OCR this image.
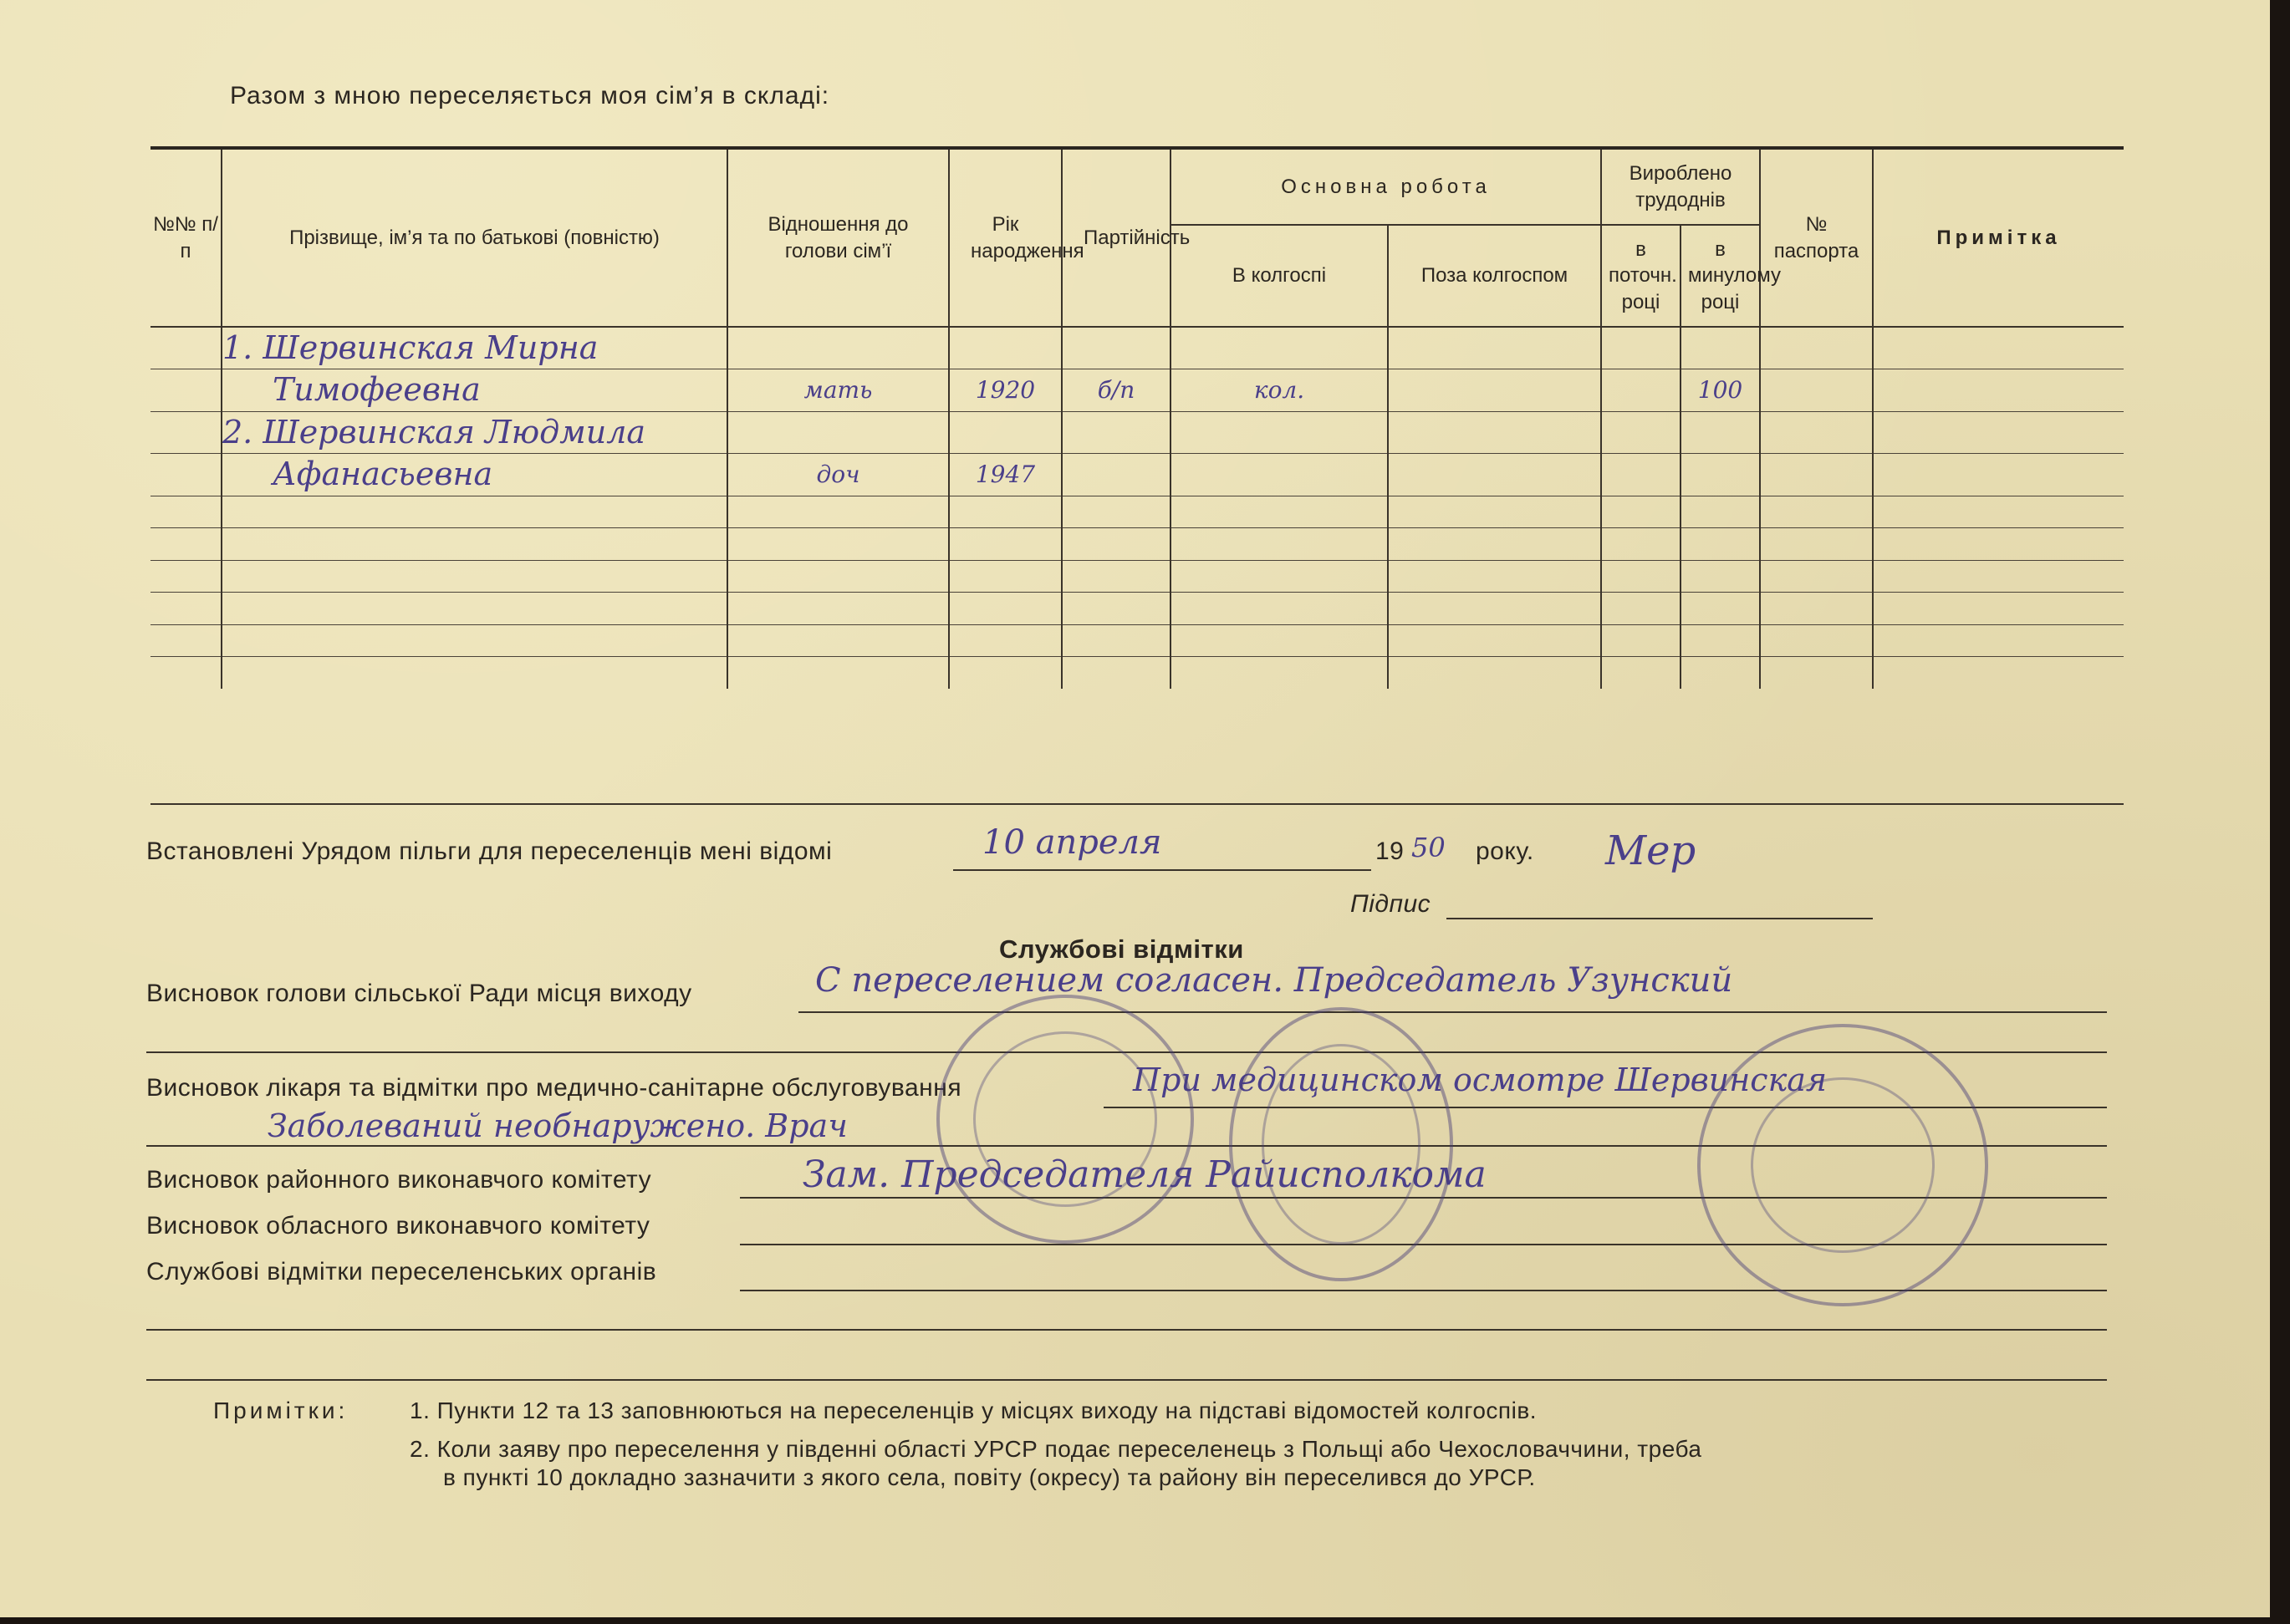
Разом з мною переселяється моя сім’я в складі:
№№ п/п	Прізвище, ім’я та по батькові (повністю)	Відношення до голови сім’ї	Рік народження	Партійність	Основна робота		Вироблено трудоднів		№ паспорта	Примітка
					В колгоспі	Поза колгоспом	в поточн. році	в минулому році		
	1. Шервинская Мирна									
	Тимофеевна	мать	1920	б/п	кол.			100		
	2. Шервинская Людмила									
	Афанасьевна	доч	1947							

Встановлені Урядом пільги для переселенців мені відомі	10 апреля	19 50 року. Мер
Підпис
Службові відмітки
Висновок голови сільської Ради місця виходу	С переселением согласен. Председатель Узунский
Висновок лікаря та відмітки про медично-санітарне обслуговування	При медицинском осмотре Шервинская
Заболеваний необнаружено. Врач
Висновок районного виконавчого комітету	Зам. Председателя Райисполкома
Висновок обласного виконавчого комітету
Службові відмітки переселенських органів
Примітки:	1. Пункти 12 та 13 заповнюються на переселенців у місцях виходу на підставі відомостей колгоспів.
2. Коли заяву про переселення у південні області УРСР подає переселенець з Польщі або Чехословаччини, треба
в пункті 10 докладно зазначити з якого села, повіту (окресу) та району він переселився до УРСР.
